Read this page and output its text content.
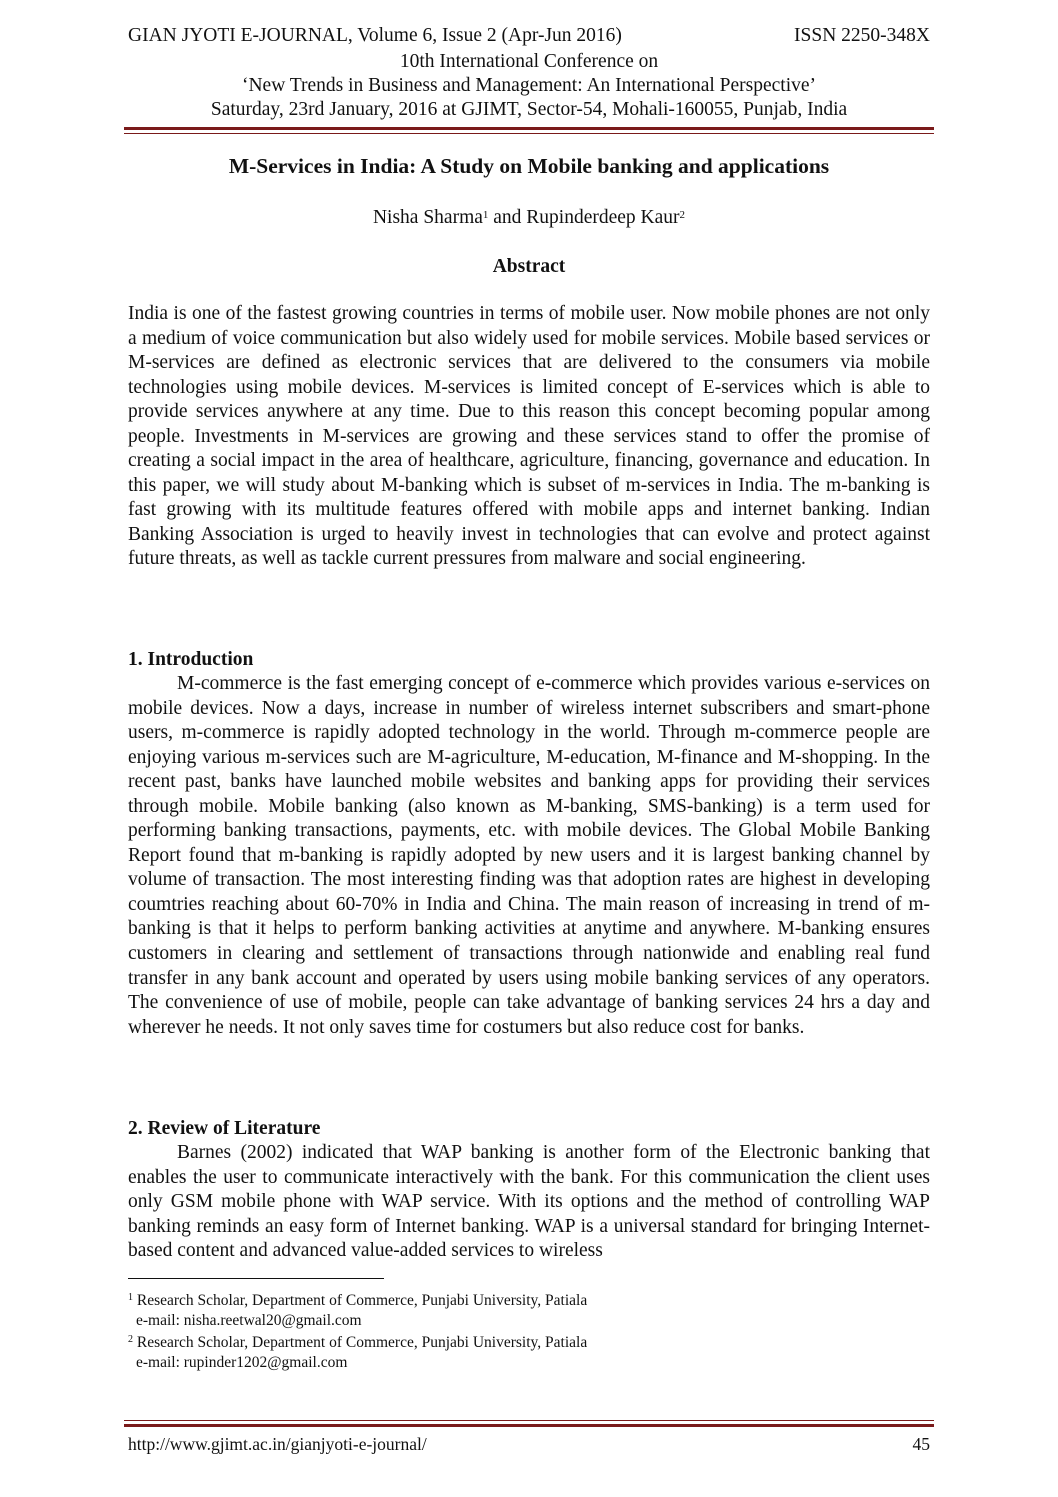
GIAN JYOTI E-JOURNAL, Volume 6, Issue 2 (Apr-Jun 2016)	ISSN 2250-348X
10th International Conference on
‘New Trends in Business and Management: An International Perspective’
Saturday, 23rd January, 2016 at GJIMT, Sector-54, Mohali-160055, Punjab, India
M-Services in India: A Study on Mobile banking and applications
Nisha Sharma$^1$ and Rupinderdeep Kaur$^2$
Abstract

India is one of the fastest growing countries in terms of mobile user. Now mobile phones are not only a medium of voice communication but also widely used for mobile services. Mobile based services or M-services are defined as electronic services that are delivered to the consumers via mobile technologies using mobile devices. M-services is limited concept of E-services which is able to provide services anywhere at any time. Due to this reason this concept becoming popular among people. Investments in M-services are growing and these services stand to offer the promise of creating a social impact in the area of healthcare, agriculture, financing, governance and education. In this paper, we will study about M-banking which is subset of m-services in India. The m-banking is fast growing with its multitude features offered with mobile apps and internet banking. Indian Banking Association is urged to heavily invest in technologies that can evolve and protect against future threats, as well as tackle current pressures from malware and social engineering.

1. Introduction

M-commerce is the fast emerging concept of e-commerce which provides various e-services on mobile devices. Now a days, increase in number of wireless internet subscribers and smart-phone users, m-commerce is rapidly adopted technology in the world. Through m-commerce people are enjoying various m-services such are M-agriculture, M-education, M-finance and M-shopping. In the recent past, banks have launched mobile websites and banking apps for providing their services through mobile. Mobile banking (also known as M-banking, SMS-banking) is a term used for performing banking transactions, payments, etc. with mobile devices. The Global Mobile Banking Report found that m-banking is rapidly adopted by new users and it is largest banking channel by volume of transaction. The most interesting finding was that adoption rates are highest in developing coumtries reaching about 60-70% in India and China. The main reason of increasing in trend of m-banking is that it helps to perform banking activities at anytime and anywhere. M-banking ensures customers in clearing and settlement of transactions through nationwide and enabling real fund transfer in any bank account and operated by users using mobile banking services of any operators. The convenience of use of mobile, people can take advantage of banking services 24 hrs a day and wherever he needs. It not only saves time for costumers but also reduce cost for banks.

2. Review of Literature

Barnes (2002) indicated that WAP banking is another form of the Electronic banking that enables the user to communicate interactively with the bank. For this communication the client uses only GSM mobile phone with WAP service. With its options and the method of controlling WAP banking reminds an easy form of Internet banking. WAP is a universal standard for bringing Internet-based content and advanced value-added services to wireless

$^1$ Research Scholar, Department of Commerce, Punjabi University, Patiala
e-mail: nisha.reetwal20@gmail.com
$^2$ Research Scholar, Department of Commerce, Punjabi University, Patiala
e-mail: rupinder1202@gmail.com
http://www.gjimt.ac.in/gianjyoti-e-journal/	45
